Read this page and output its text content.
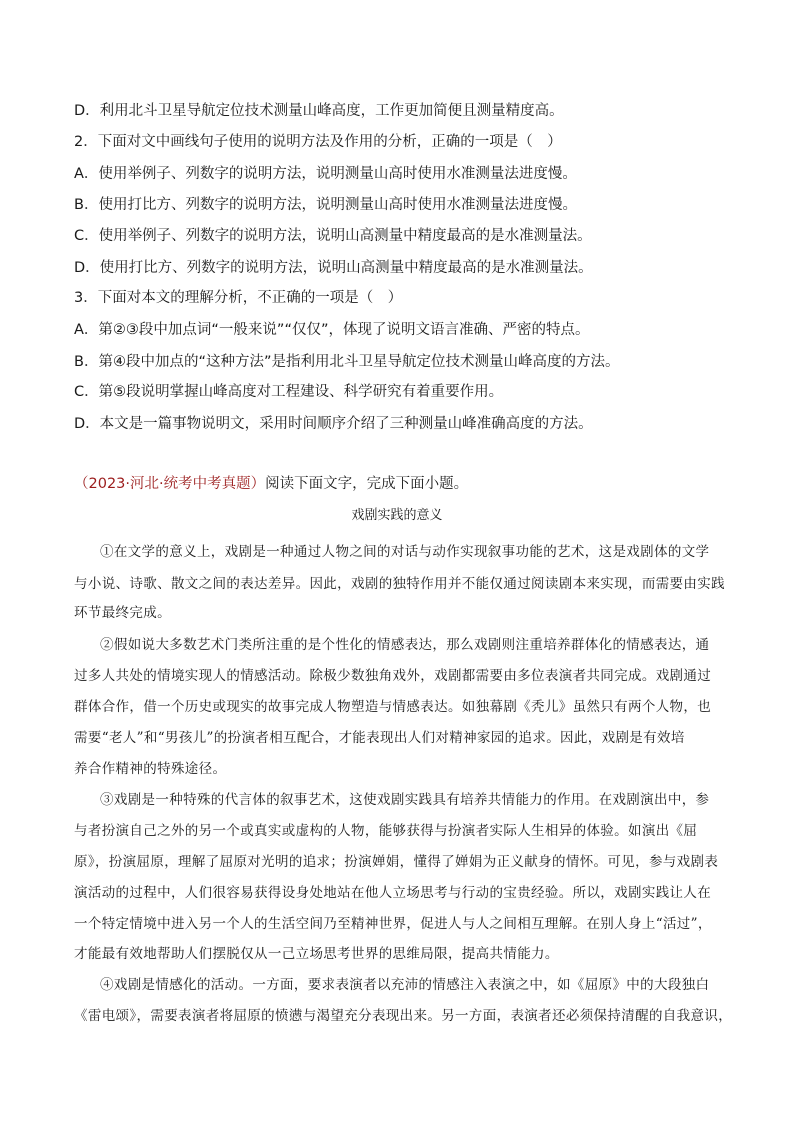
D．利用北斗卫星导航定位技术测量山峰高度，工作更加简便且测量精度高。
2．下面对文中画线句子使用的说明方法及作用的分析，正确的一项是（　）
A．使用举例子、列数字的说明方法，说明测量山高时使用水准测量法进度慢。
B．使用打比方、列数字的说明方法，说明测量山高时使用水准测量法进度慢。
C．使用举例子、列数字的说明方法，说明山高测量中精度最高的是水准测量法。
D．使用打比方、列数字的说明方法，说明山高测量中精度最高的是水准测量法。
3．下面对本文的理解分析，不正确的一项是（　）
A．第②③段中加点词“一般来说”“仅仅”，体现了说明文语言准确、严密的特点。
B．第④段中加点的“这种方法”是指利用北斗卫星导航定位技术测量山峰高度的方法。
C．第⑤段说明掌握山峰高度对工程建设、科学研究有着重要作用。
D．本文是一篇事物说明文，采用时间顺序介绍了三种测量山峰准确高度的方法。
（2023·河北·统考中考真题）阅读下面文字，完成下面小题。
戏剧实践的意义
①在文学的意义上，戏剧是一种通过人物之间的对话与动作实现叙事功能的艺术，这是戏剧体的文学
与小说、诗歌、散文之间的表达差异。因此，戏剧的独特作用并不能仅通过阅读剧本来实现，而需要由实践
环节最终完成。
②假如说大多数艺术门类所注重的是个性化的情感表达，那么戏剧则注重培养群体化的情感表达，通
过多人共处的情境实现人的情感活动。除极少数独角戏外，戏剧都需要由多位表演者共同完成。戏剧通过
群体合作，借一个历史或现实的故事完成人物塑造与情感表达。如独幕剧《秃儿》虽然只有两个人物，也
需要“老人”和“男孩儿”的扮演者相互配合，才能表现出人们对精神家园的追求。因此，戏剧是有效培
养合作精神的特殊途径。
③戏剧是一种特殊的代言体的叙事艺术，这使戏剧实践具有培养共情能力的作用。在戏剧演出中，参
与者扮演自己之外的另一个或真实或虚构的人物，能够获得与扮演者实际人生相异的体验。如演出《屈
原》，扮演屈原，理解了屈原对光明的追求；扮演婵娟，懂得了婵娟为正义献身的情怀。可见，参与戏剧表
演活动的过程中，人们很容易获得设身处地站在他人立场思考与行动的宝贵经验。所以，戏剧实践让人在
一个特定情境中进入另一个人的生活空间乃至精神世界，促进人与人之间相互理解。在别人身上“活过”，
才能最有效地帮助人们摆脱仅从一己立场思考世界的思维局限，提高共情能力。
④戏剧是情感化的活动。一方面，要求表演者以充沛的情感注入表演之中，如《屈原》中的大段独白
《雷电颂》，需要表演者将屈原的愤懑与渴望充分表现出来。另一方面，表演者还必须保持清醒的自我意识，
